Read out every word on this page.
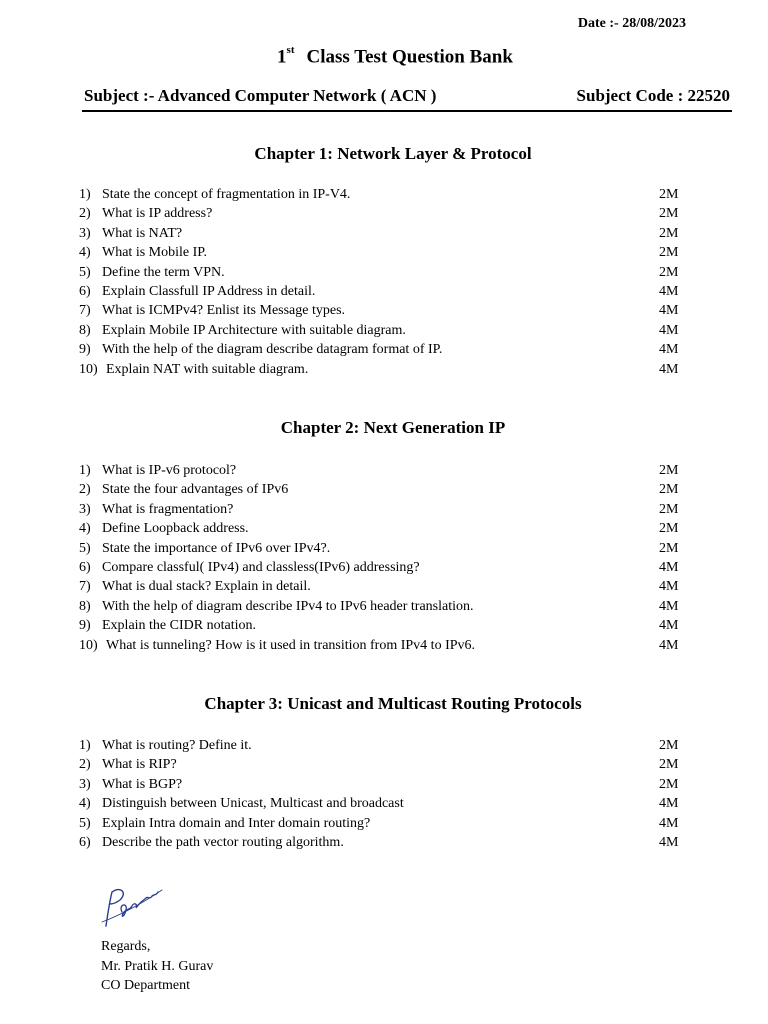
Date :- 28/08/2023
1st Class Test Question Bank
Subject :- Advanced Computer Network ( ACN )	Subject Code : 22520
Chapter 1: Network Layer & Protocol
1) State the concept of fragmentation in IP-V4.	2M
2) What is IP address?	2M
3) What is NAT?	2M
4) What is Mobile IP.	2M
5) Define the term VPN.	2M
6) Explain Classfull IP Address in detail.	4M
7) What is ICMPv4? Enlist its Message types.	4M
8) Explain Mobile IP Architecture with suitable diagram.	4M
9) With the help of the diagram describe datagram format of IP.	4M
10) Explain NAT with suitable diagram.	4M
Chapter 2: Next Generation IP
1) What is IP-v6 protocol?	2M
2) State the four advantages of IPv6	2M
3) What is fragmentation?	2M
4) Define Loopback address.	2M
5) State the importance of IPv6 over IPv4?.	2M
6) Compare classful( IPv4) and classless(IPv6) addressing?	4M
7) What is dual stack? Explain in detail.	4M
8) With the help of diagram describe IPv4 to IPv6 header translation.	4M
9) Explain the CIDR notation.	4M
10) What is tunneling? How is it used in transition from IPv4 to IPv6.	4M
Chapter 3: Unicast and Multicast Routing Protocols
1) What is routing? Define it.	2M
2) What is RIP?	2M
3) What is BGP?	2M
4) Distinguish between Unicast, Multicast and broadcast	4M
5) Explain Intra domain and Inter domain routing?	4M
6) Describe the path vector routing algorithm.	4M
Regards,
Mr. Pratik H. Gurav
CO Department
